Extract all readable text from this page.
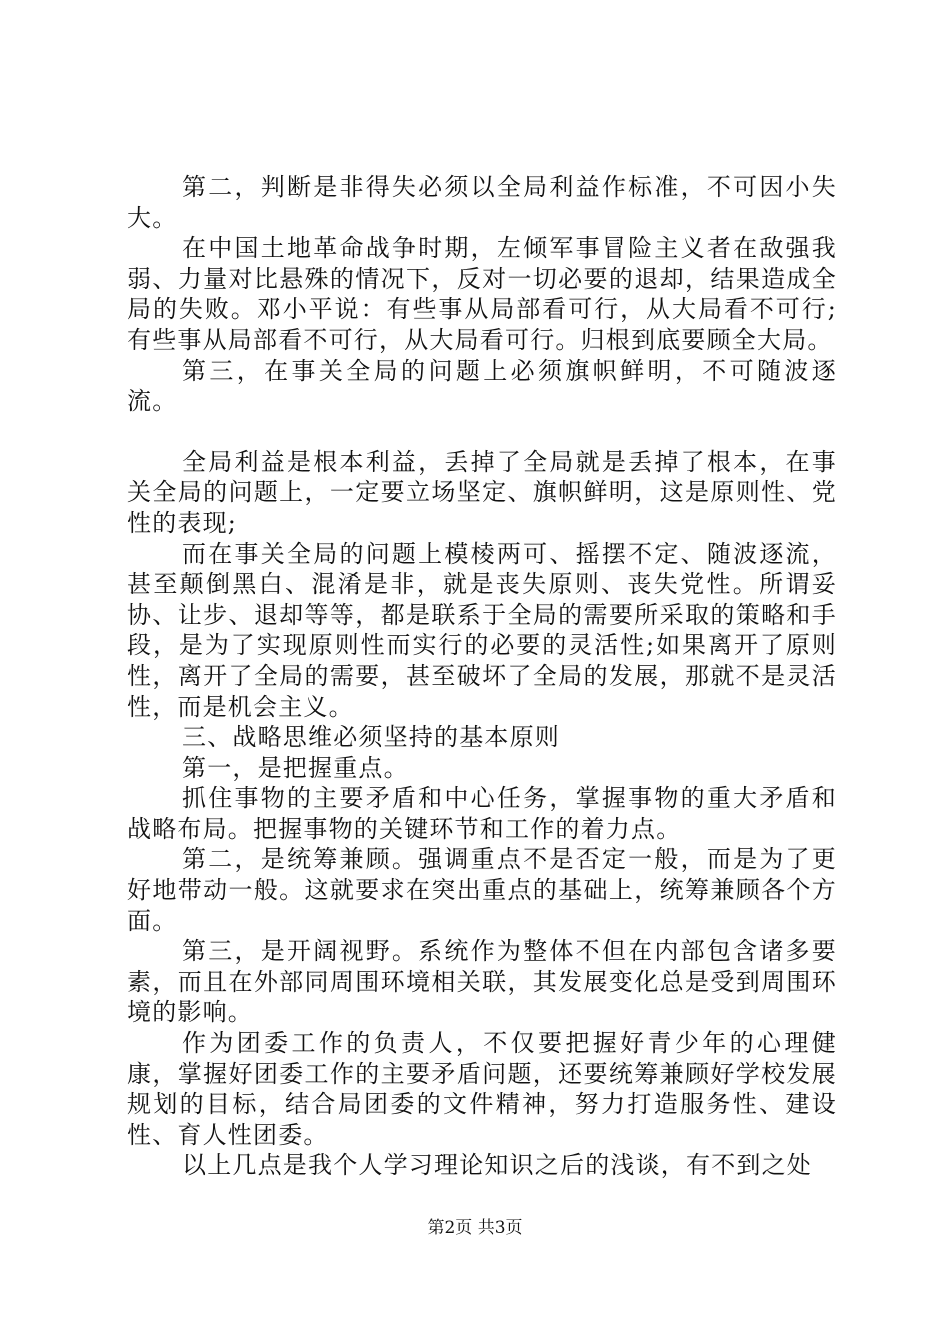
第二，判断是非得失必须以全局利益作标准，不可因小失大。

在中国土地革命战争时期，左倾军事冒险主义者在敌强我弱、力量对比悬殊的情况下，反对一切必要的退却，结果造成全局的失败。邓小平说：有些事从局部看可行，从大局看不可行;有些事从局部看不可行，从大局看可行。归根到底要顾全大局。

第三，在事关全局的问题上必须旗帜鲜明，不可随波逐流。

全局利益是根本利益，丢掉了全局就是丢掉了根本，在事关全局的问题上，一定要立场坚定、旗帜鲜明，这是原则性、党性的表现;

而在事关全局的问题上模棱两可、摇摆不定、随波逐流，甚至颠倒黑白、混淆是非，就是丧失原则、丧失党性。所谓妥协、让步、退却等等，都是联系于全局的需要所采取的策略和手段，是为了实现原则性而实行的必要的灵活性;如果离开了原则性，离开了全局的需要，甚至破坏了全局的发展，那就不是灵活性，而是机会主义。

三、战略思维必须坚持的基本原则

第一，是把握重点。

抓住事物的主要矛盾和中心任务，掌握事物的重大矛盾和战略布局。把握事物的关键环节和工作的着力点。

第二，是统筹兼顾。强调重点不是否定一般，而是为了更好地带动一般。这就要求在突出重点的基础上，统筹兼顾各个方面。

第三，是开阔视野。系统作为整体不但在内部包含诸多要素，而且在外部同周围环境相关联，其发展变化总是受到周围环境的影响。

作为团委工作的负责人，不仅要把握好青少年的心理健康，掌握好团委工作的主要矛盾问题，还要统筹兼顾好学校发展规划的目标，结合局团委的文件精神，努力打造服务性、建设性、育人性团委。

以上几点是我个人学习理论知识之后的浅谈，有不到之处

第2页 共3页
